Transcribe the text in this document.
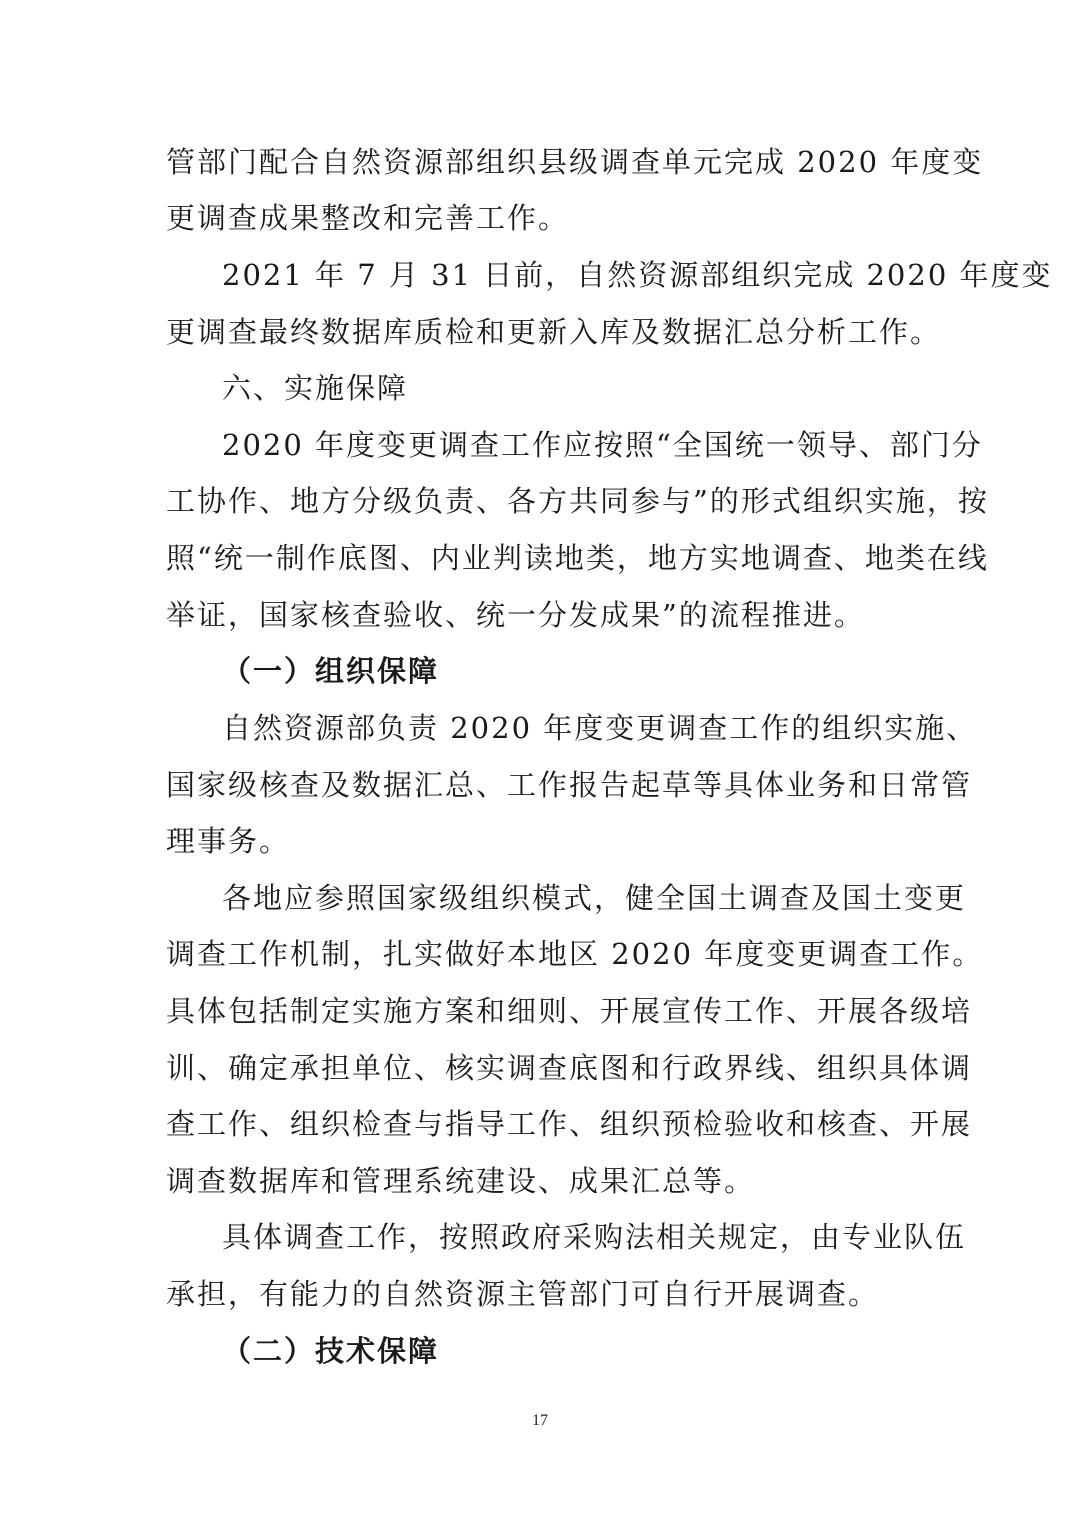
管部门配合自然资源部组织县级调查单元完成 2020 年度变
更调查成果整改和完善工作。
2021 年 7 月 31 日前，自然资源部组织完成 2020 年度变
更调查最终数据库质检和更新入库及数据汇总分析工作。
六、实施保障
2020 年度变更调查工作应按照“全国统一领导、部门分
工协作、地方分级负责、各方共同参与”的形式组织实施，按
照“统一制作底图、内业判读地类，地方实地调查、地类在线
举证，国家核查验收、统一分发成果”的流程推进。
（一）组织保障
自然资源部负责 2020 年度变更调查工作的组织实施、
国家级核查及数据汇总、工作报告起草等具体业务和日常管
理事务。
各地应参照国家级组织模式，健全国土调查及国土变更
调查工作机制，扎实做好本地区 2020 年度变更调查工作。
具体包括制定实施方案和细则、开展宣传工作、开展各级培
训、确定承担单位、核实调查底图和行政界线、组织具体调
查工作、组织检查与指导工作、组织预检验收和核查、开展
调查数据库和管理系统建设、成果汇总等。
具体调查工作，按照政府采购法相关规定，由专业队伍
承担，有能力的自然资源主管部门可自行开展调查。
（二）技术保障
17
